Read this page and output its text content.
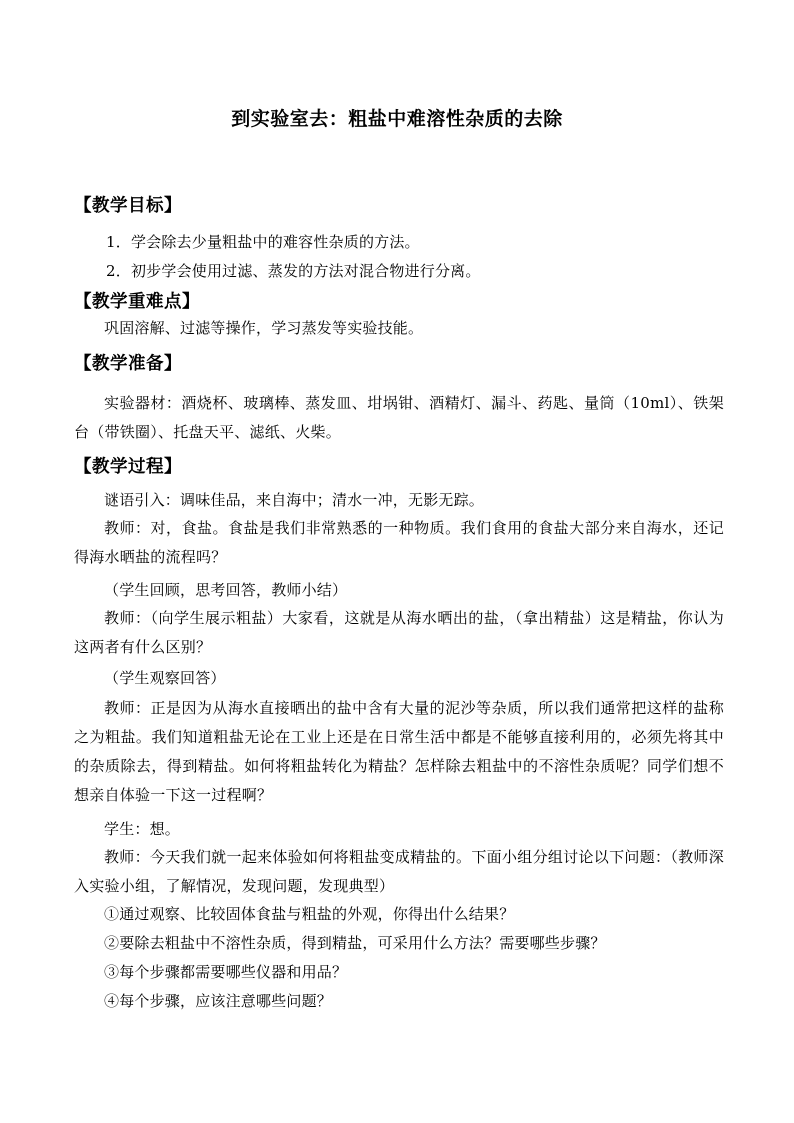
到实验室去：粗盐中难溶性杂质的去除
【教学目标】
1．学会除去少量粗盐中的难容性杂质的方法。
2．初步学会使用过滤、蒸发的方法对混合物进行分离。
【教学重难点】
巩固溶解、过滤等操作，学习蒸发等实验技能。
【教学准备】
实验器材：酒烧杯、玻璃棒、蒸发皿、坩埚钳、酒精灯、漏斗、药匙、量筒（10ml）、铁架台（带铁圈）、托盘天平、滤纸、火柴。
【教学过程】
谜语引入：调味佳品，来自海中；清水一冲，无影无踪。
教师：对，食盐。食盐是我们非常熟悉的一种物质。我们食用的食盐大部分来自海水，还记得海水晒盐的流程吗？
（学生回顾，思考回答，教师小结）
教师：（向学生展示粗盐）大家看，这就是从海水晒出的盐，（拿出精盐）这是精盐，你认为这两者有什么区别？
（学生观察回答）
教师：正是因为从海水直接晒出的盐中含有大量的泥沙等杂质，所以我们通常把这样的盐称之为粗盐。我们知道粗盐无论在工业上还是在日常生活中都是不能够直接利用的，必须先将其中的杂质除去，得到精盐。如何将粗盐转化为精盐？怎样除去粗盐中的不溶性杂质呢？同学们想不想亲自体验一下这一过程啊？
学生：想。
教师：今天我们就一起来体验如何将粗盐变成精盐的。下面小组分组讨论以下问题：（教师深入实验小组，了解情况，发现问题，发现典型）
①通过观察、比较固体食盐与粗盐的外观，你得出什么结果？
②要除去粗盐中不溶性杂质，得到精盐，可采用什么方法？需要哪些步骤？
③每个步骤都需要哪些仪器和用品？
④每个步骤，应该注意哪些问题？
